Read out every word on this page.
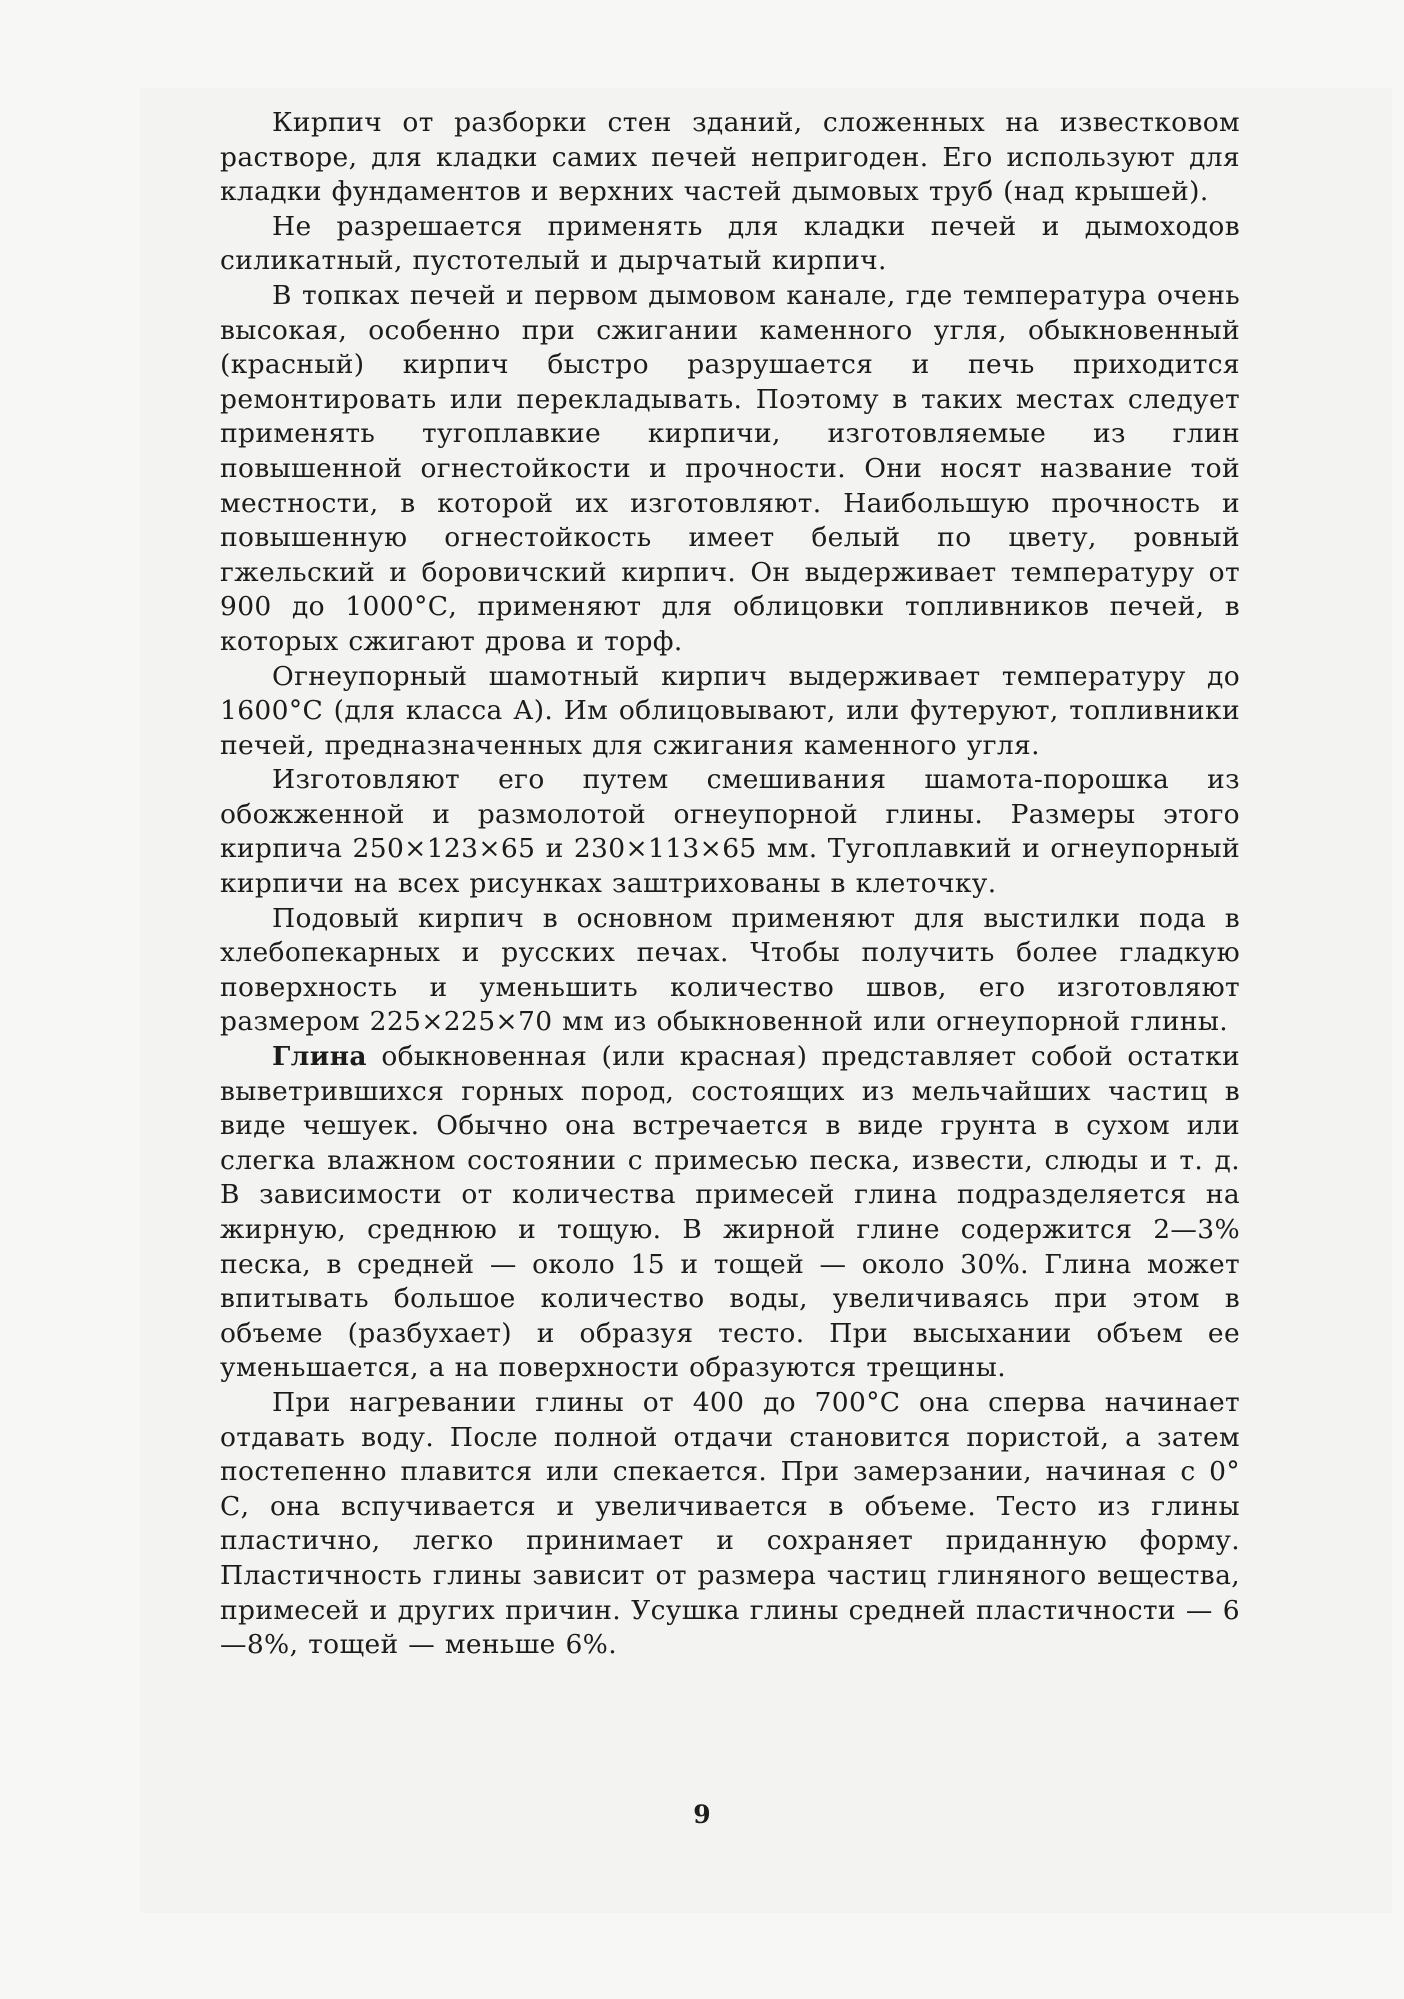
Кирпич от разборки стен зданий, сложенных на известковом растворе, для кладки самих печей непригоден. Его используют для кладки фундаментов и верхних частей дымовых труб (над крышей).

Не разрешается применять для кладки печей и дымоходов силикатный, пустотелый и дырчатый кирпич.

В топках печей и первом дымовом канале, где температура очень высокая, особенно при сжигании каменного угля, обыкновенный (красный) кирпич быстро разрушается и печь приходится ремонтировать или перекладывать. Поэтому в таких местах следует применять тугоплавкие кирпичи, изготовляемые из глин повышенной огнестойкости и прочности. Они носят название той местности, в которой их изготовляют. Наибольшую прочность и повышенную огнестойкость имеет белый по цвету, ровный гжельский и боровичский кирпич. Он выдерживает температуру от 900 до 1000°С, применяют для облицовки топливников печей, в которых сжигают дрова и торф.

Огнеупорный шамотный кирпич выдерживает температуру до 1600°С (для класса А). Им облицовывают, или футеруют, топливники печей, предназначенных для сжигания каменного угля.

Изготовляют его путем смешивания шамота-порошка из обожженной и размолотой огнеупорной глины. Размеры этого кирпича 250×123×65 и 230×113×65 мм. Тугоплавкий и огнеупорный кирпичи на всех рисунках заштрихованы в клеточку.

Подовый кирпич в основном применяют для выстилки пода в хлебопекарных и русских печах. Чтобы получить более гладкую поверхность и уменьшить количество швов, его изготовляют размером 225×225×70 мм из обыкновенной или огнеупорной глины.

Глина обыкновенная (или красная) представляет собой остатки выветрившихся горных пород, состоящих из мельчайших частиц в виде чешуек. Обычно она встречается в виде грунта в сухом или слегка влажном состоянии с примесью песка, извести, слюды и т. д. В зависимости от количества примесей глина подразделяется на жирную, среднюю и тощую. В жирной глине содержится 2—3% песка, в средней — около 15 и тощей — около 30%. Глина может впитывать большое количество воды, увеличиваясь при этом в объеме (разбухает) и образуя тесто. При высыхании объем ее уменьшается, а на поверхности образуются трещины.

При нагревании глины от 400 до 700°С она сперва начинает отдавать воду. После полной отдачи становится пористой, а затем постепенно плавится или спекается. При замерзании, начиная с 0° С, она вспучивается и увеличивается в объеме. Тесто из глины пластично, легко принимает и сохраняет приданную форму. Пластичность глины зависит от размера частиц глиняного вещества, примесей и других причин. Усушка глины средней пластичности — 6—8%, тощей — меньше 6%.

9
